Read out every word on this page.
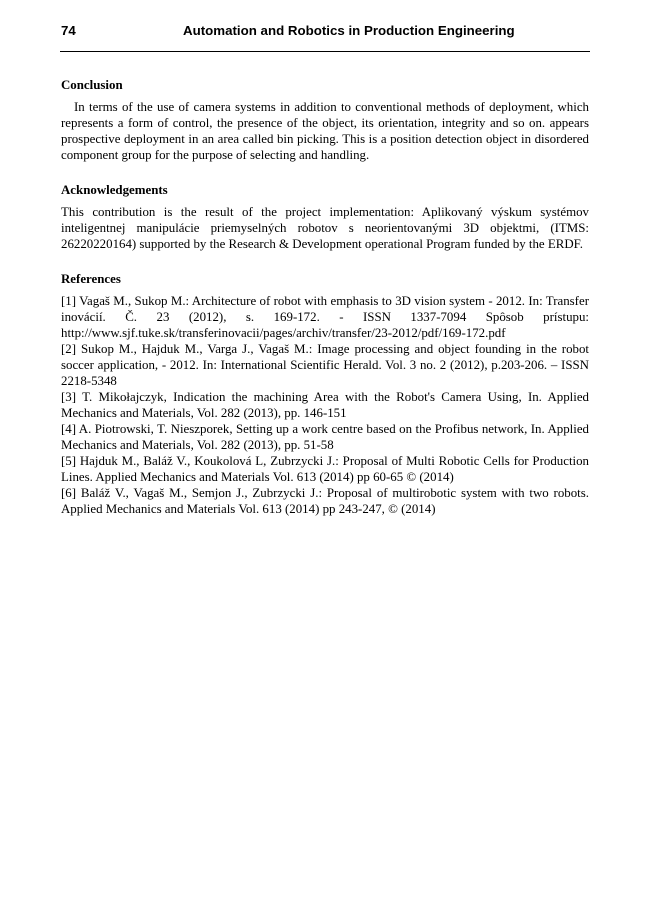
74	Automation and Robotics in Production Engineering
Conclusion

In terms of the use of camera systems in addition to conventional methods of deployment, which represents a form of control, the presence of the object, its orientation, integrity and so on. appears prospective deployment in an area called bin picking. This is a position detection object in disordered component group for the purpose of selecting and handling.

Acknowledgements

This contribution is the result of the project implementation: Aplikovaný výskum systémov inteligentnej manipulácie priemyselných robotov s neorientovanými 3D objektmi, (ITMS: 26220220164) supported by the Research & Development operational Program funded by the ERDF.

References

[1] Vagaš M., Sukop M.: Architecture of robot with emphasis to 3D vision system - 2012. In: Transfer inovácií. Č. 23 (2012), s. 169-172. - ISSN 1337-7094 Spôsob prístupu: http://www.sjf.tuke.sk/transferinovacii/pages/archiv/transfer/23-2012/pdf/169-172.pdf

[2] Sukop M., Hajduk M., Varga J., Vagaš M.: Image processing and object founding in the robot soccer application, - 2012. In: International Scientific Herald. Vol. 3 no. 2 (2012), p.203-206. – ISSN 2218-5348

[3] T. Mikołajczyk, Indication the machining Area with the Robot's Camera Using, In. Applied Mechanics and Materials, Vol. 282 (2013), pp. 146-151

[4] A. Piotrowski, T. Nieszporek, Setting up a work centre based on the Profibus network, In. Applied Mechanics and Materials, Vol. 282 (2013), pp. 51-58

[5] Hajduk M., Baláž V., Koukolová L, Zubrzycki J.: Proposal of Multi Robotic Cells for Production Lines. Applied Mechanics and Materials Vol. 613 (2014) pp 60-65 © (2014)

[6] Baláž V., Vagaš M., Semjon J., Zubrzycki J.: Proposal of multirobotic system with two robots. Applied Mechanics and Materials Vol. 613 (2014) pp 243-247, © (2014)
